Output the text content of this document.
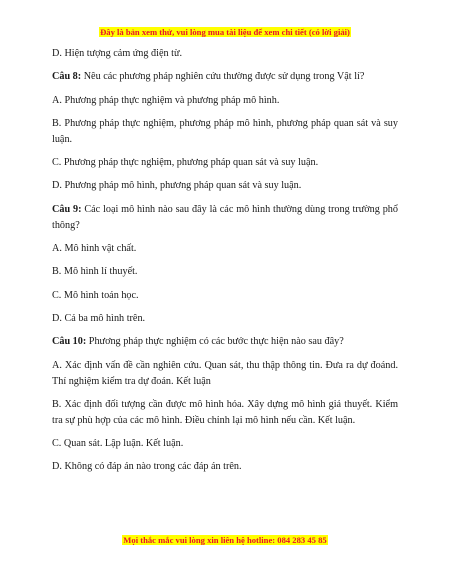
Đây là bản xem thử, vui lòng mua tài liệu để xem chi tiết (có lời giải)

D. Hiện tượng cảm ứng điện từ.

Câu 8: Nêu các phương pháp nghiên cứu thường được sử dụng trong Vật lí?

A. Phương pháp thực nghiệm và phương pháp mô hình.

B. Phương pháp thực nghiệm, phương pháp mô hình, phương pháp quan sát và suy luận.

C. Phương pháp thực nghiệm, phương pháp quan sát và suy luận.

D. Phương pháp mô hình, phương pháp quan sát và suy luận.

Câu 9: Các loại mô hình nào sau đây là các mô hình thường dùng trong trường phổ thông?

A. Mô hình vật chất.

B. Mô hình lí thuyết.

C. Mô hình toán học.

D. Cả ba mô hình trên.

Câu 10: Phương pháp thực nghiệm có các bước thực hiện nào sau đây?

A. Xác định vấn đề cần nghiên cứu. Quan sát, thu thập thông tin. Đưa ra dự đoánd. Thí nghiệm kiểm tra dự đoán. Kết luận

B. Xác định đối tượng cần được mô hình hóa. Xây dựng mô hình giả thuyết. Kiểm tra sự phù hợp của các mô hình. Điều chỉnh lại mô hình nếu cần. Kết luận.

C. Quan sát. Lập luận. Kết luận.

D. Không có đáp án nào trong các đáp án trên.

Mọi thắc mắc vui lòng xin liên hệ hotline: 084 283 45 85
